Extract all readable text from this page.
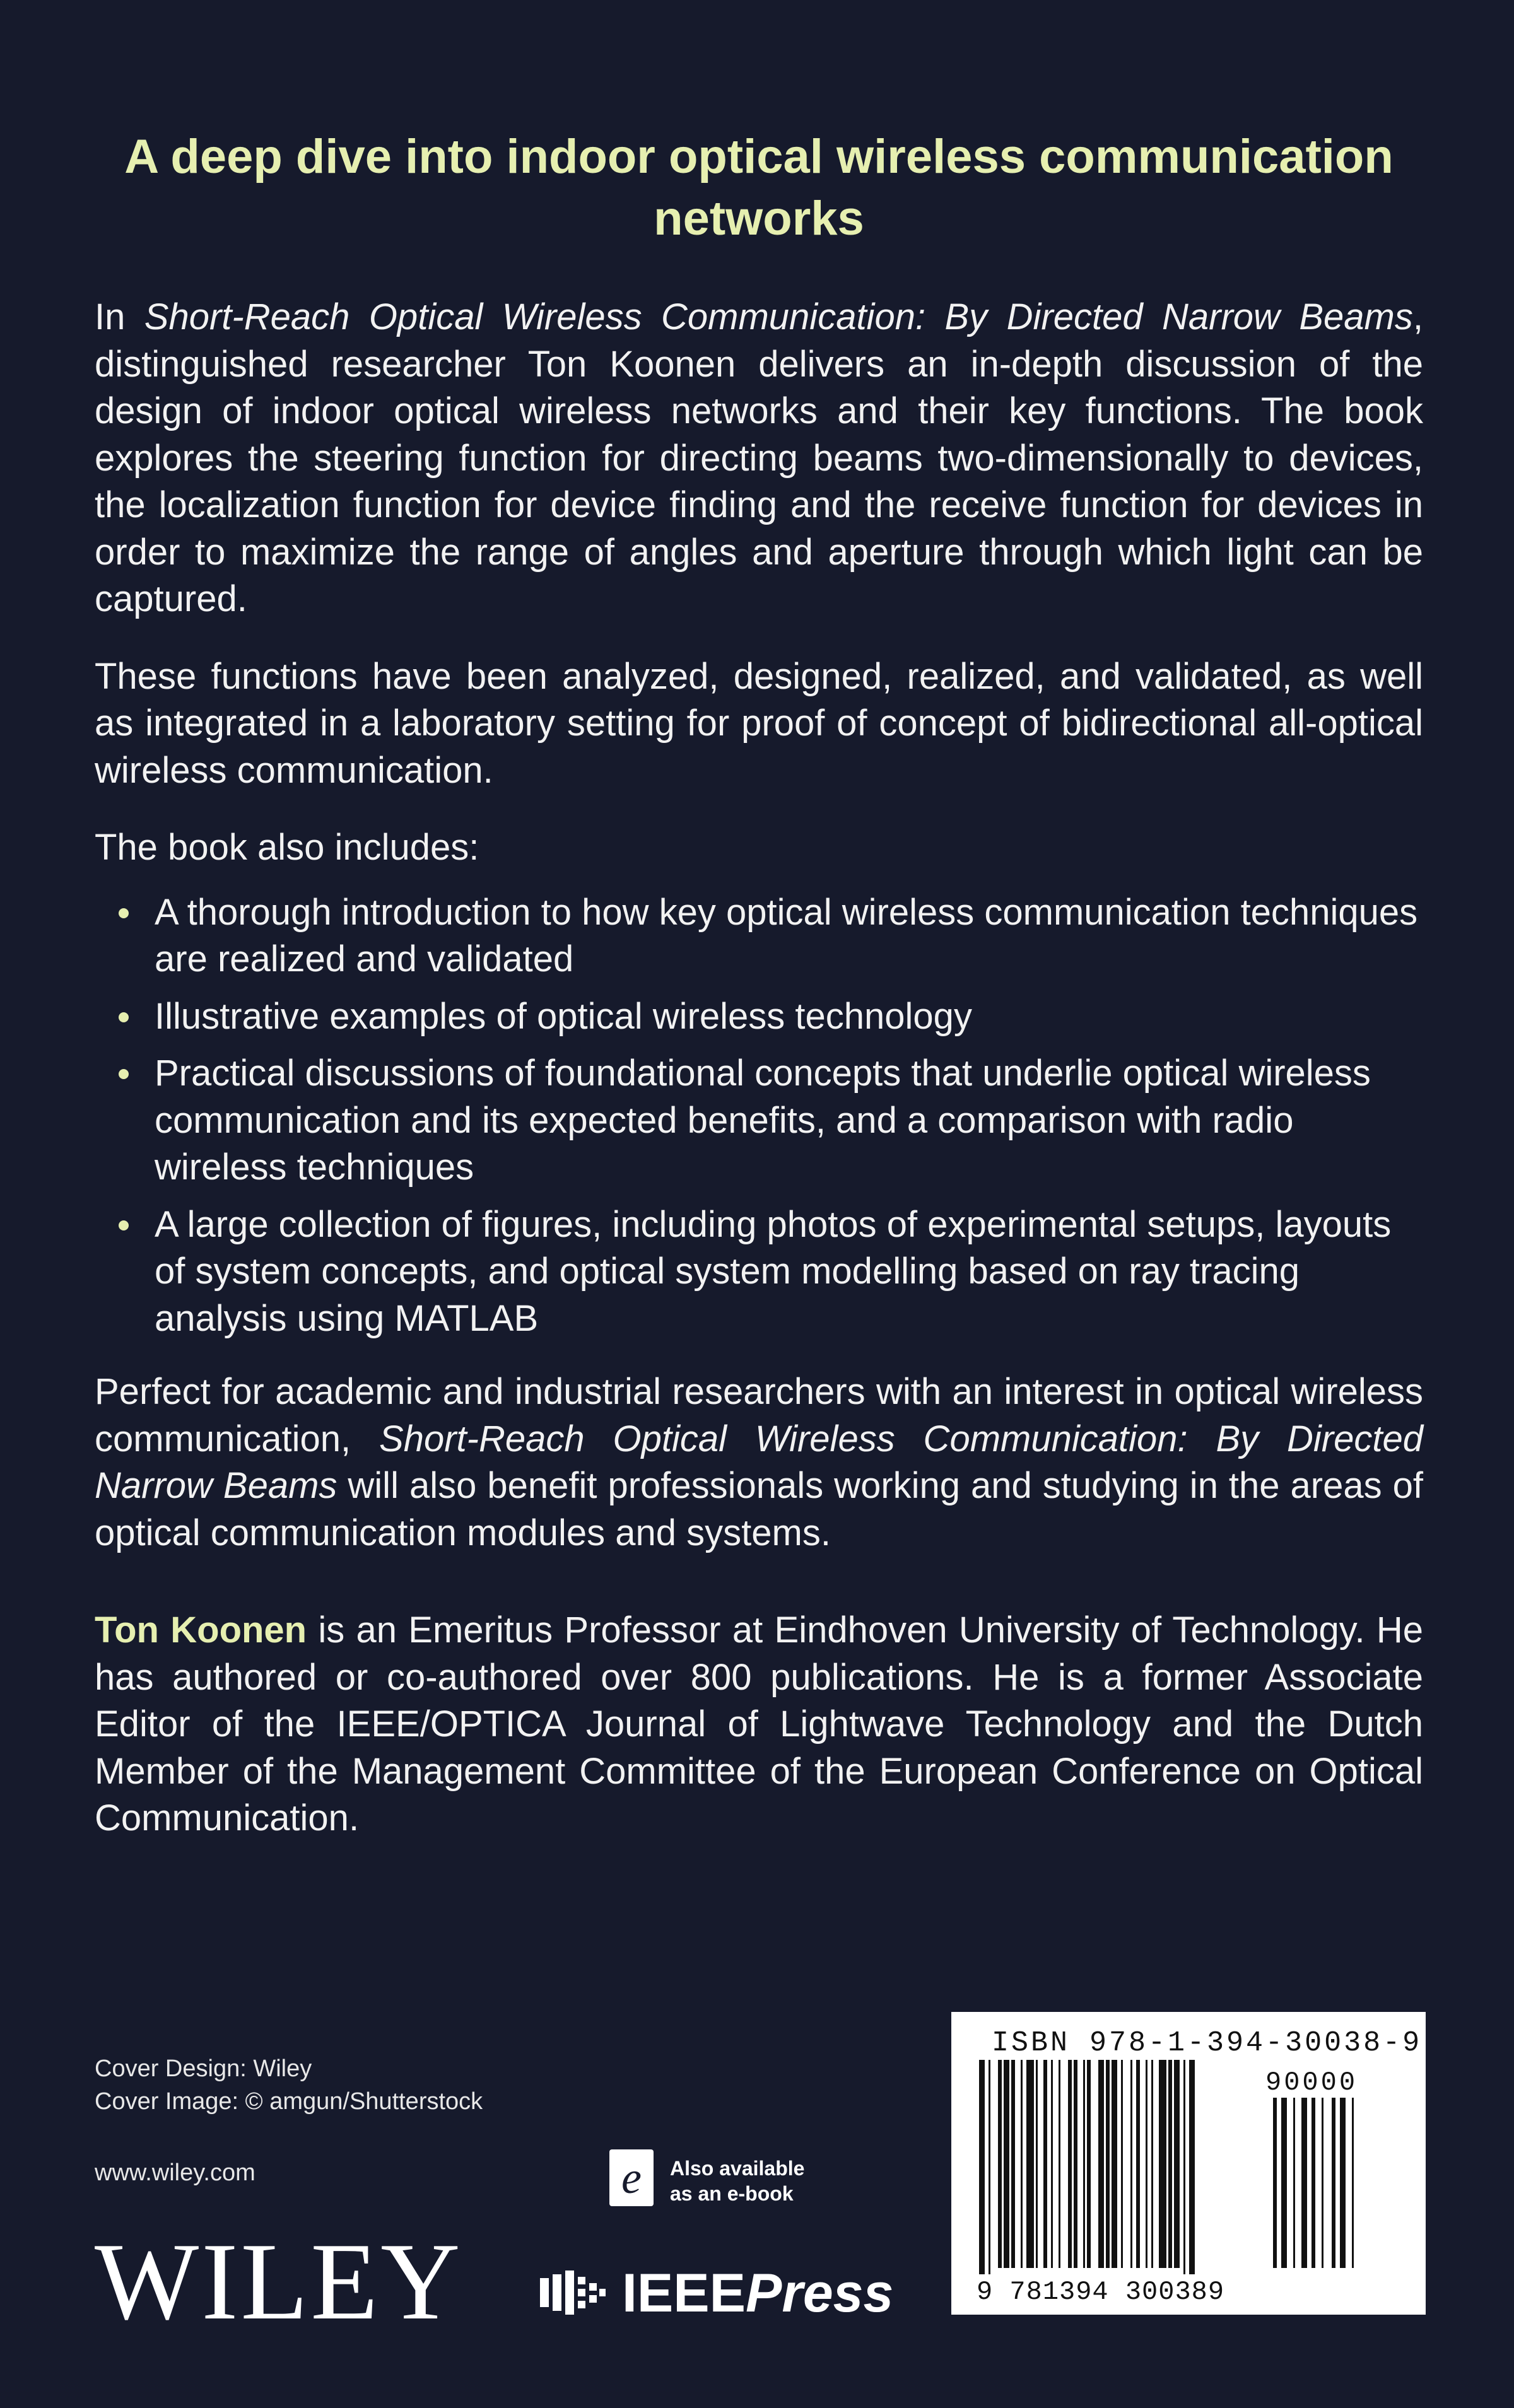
A deep dive into indoor optical wireless communication networks

In Short-Reach Optical Wireless Communication: By Directed Narrow Beams, distinguished researcher Ton Koonen delivers an in-depth discussion of the design of indoor optical wireless networks and their key functions. The book explores the steering function for directing beams two-dimensionally to devices, the localization function for device finding and the receive function for devices in order to maximize the range of angles and aperture through which light can be captured.

These functions have been analyzed, designed, realized, and validated, as well as integrated in a laboratory setting for proof of concept of bidirectional all-optical wireless communication.

The book also includes:

A thorough introduction to how key optical wireless communication techniques are realized and validated
Illustrative examples of optical wireless technology
Practical discussions of foundational concepts that underlie optical wireless communication and its expected benefits, and a comparison with radio wireless techniques
A large collection of figures, including photos of experimental setups, layouts of system concepts, and optical system modelling based on ray tracing analysis using MATLAB

Perfect for academic and industrial researchers with an interest in optical wireless communication, Short-Reach Optical Wireless Communication: By Directed Narrow Beams will also benefit professionals working and studying in the areas of optical communication modules and systems.

Ton Koonen is an Emeritus Professor at Eindhoven University of Technology. He has authored or co-authored over 800 publications. He is a former Associate Editor of the IEEE/OPTICA Journal of Lightwave Technology and the Dutch Member of the Management Committee of the European Conference on Optical Communication.

Cover Design: Wiley
Cover Image: © amgun/Shutterstock
www.wiley.com
WILEY
e	Also available
as an e-book
IEEEPress
ISBN 978-1-394-30038-9
90000
9 781394 300389
